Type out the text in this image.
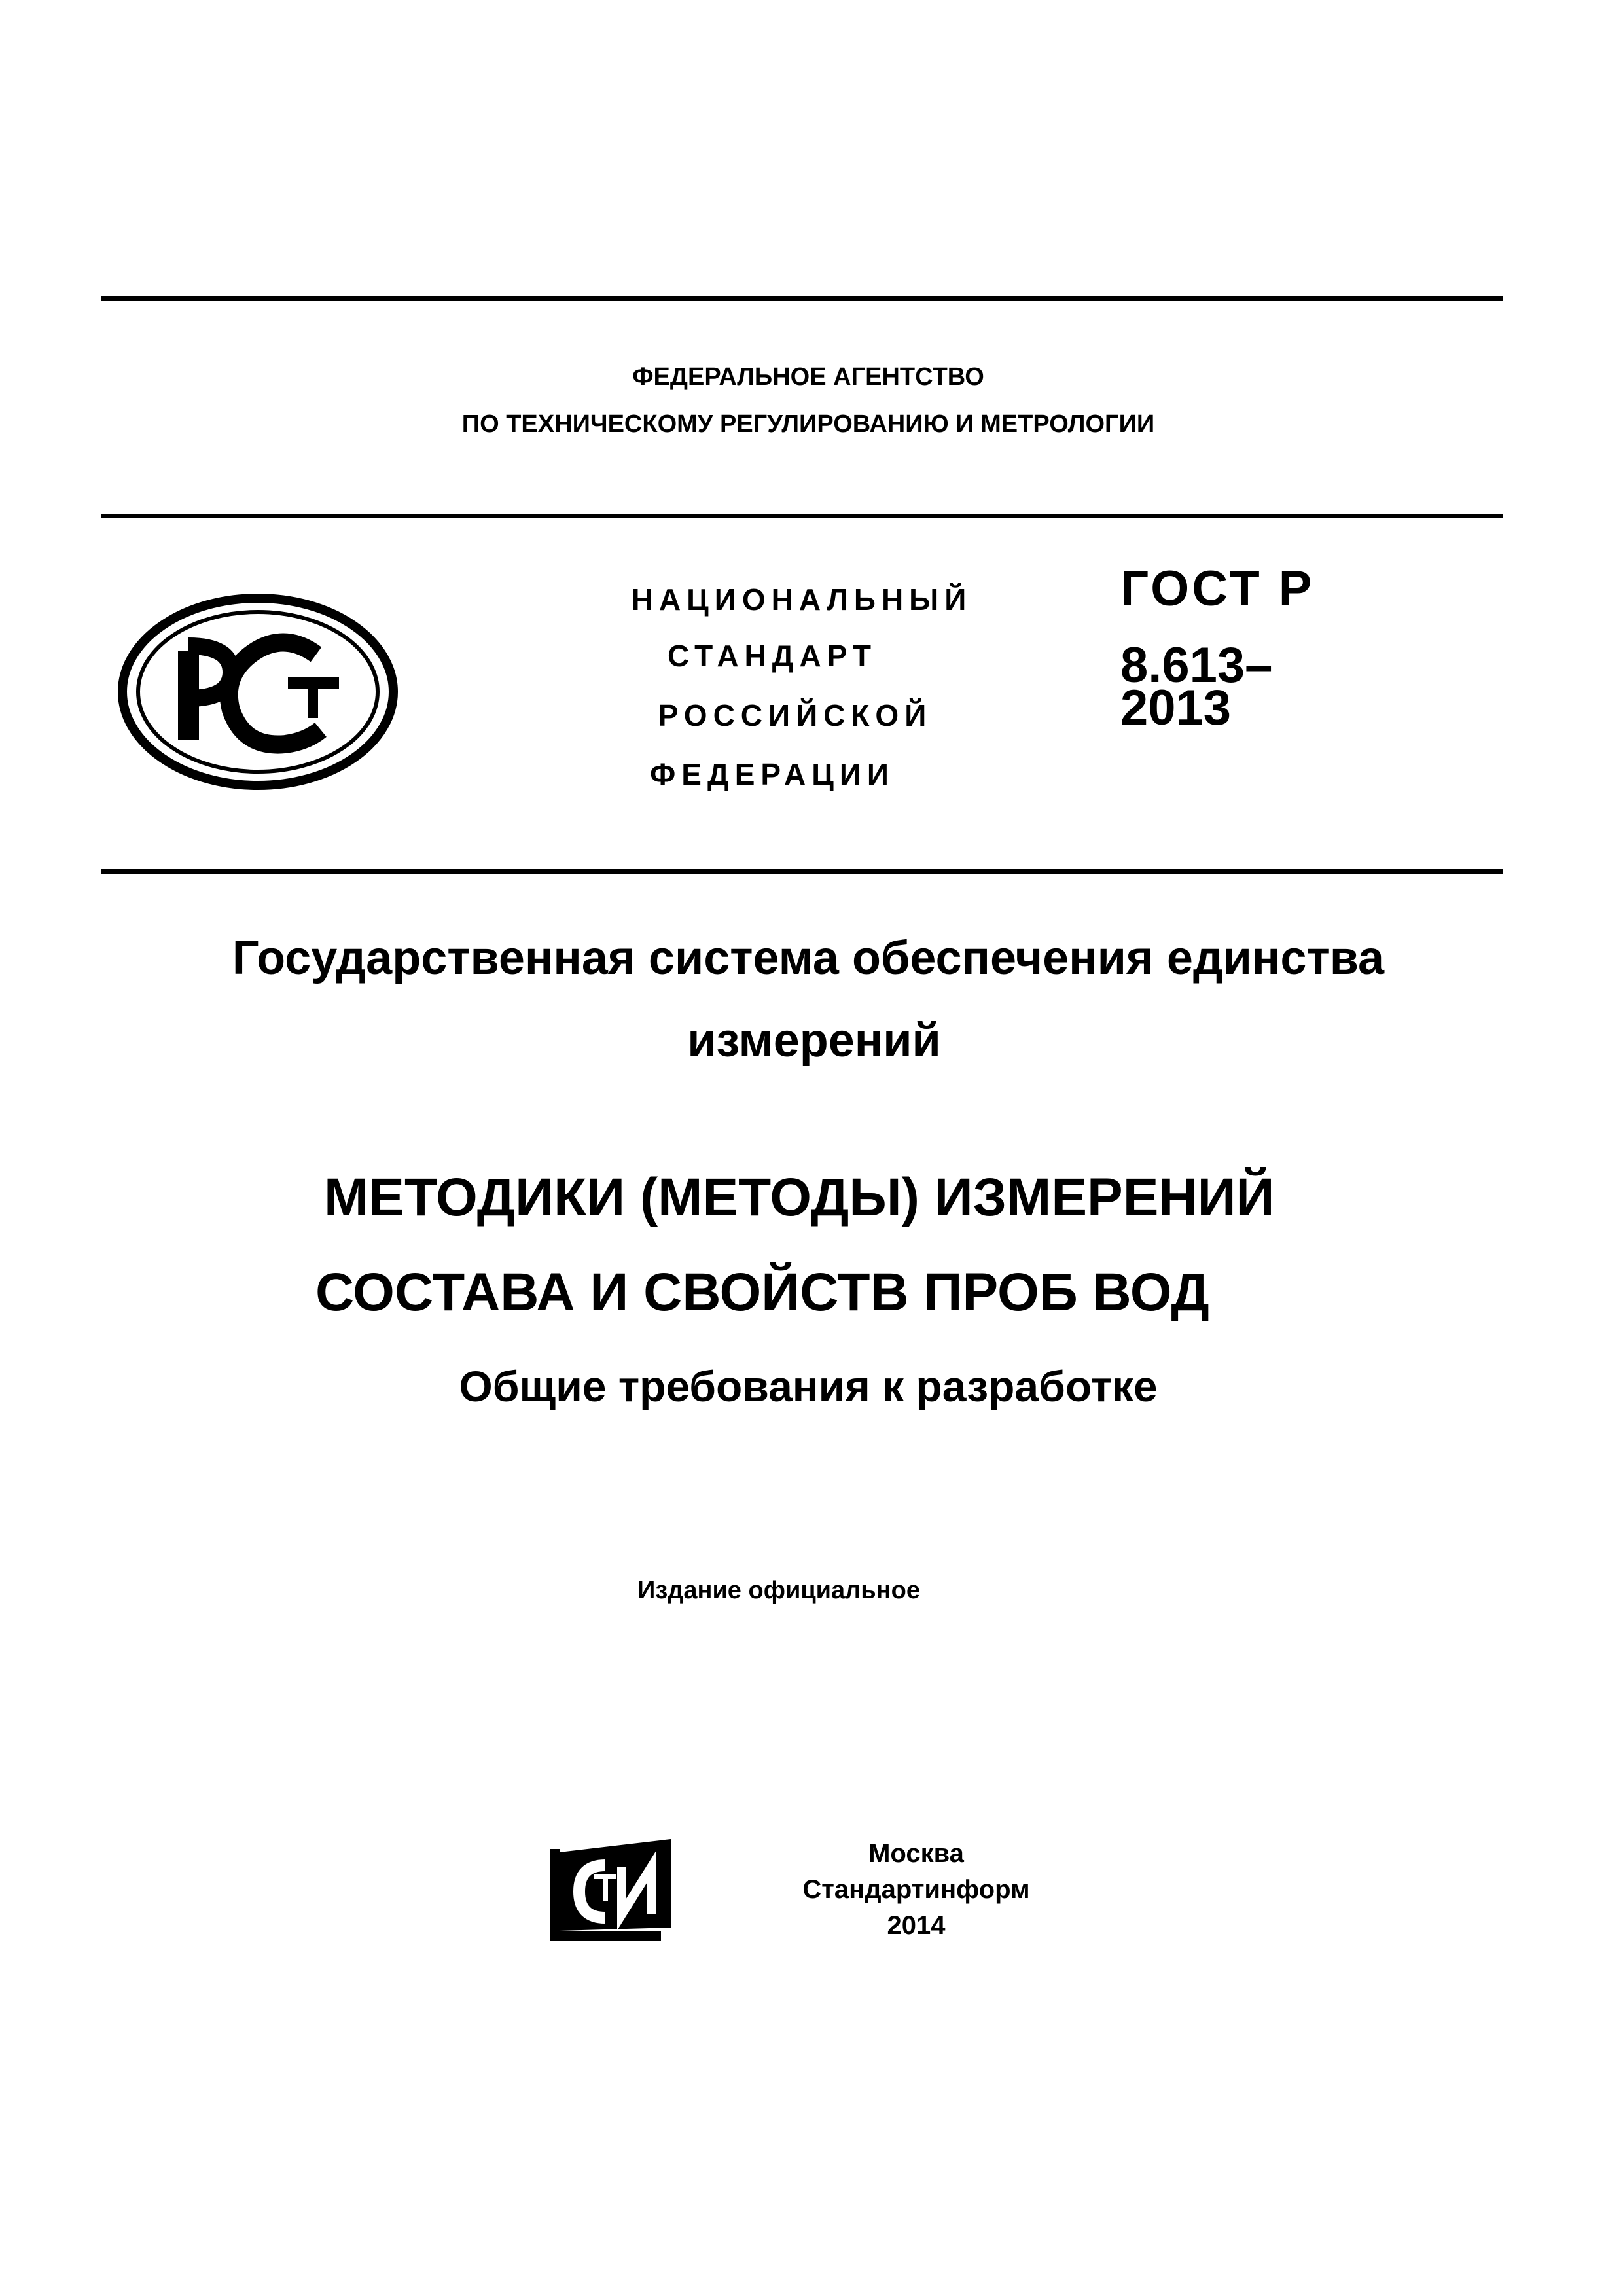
ФЕДЕРАЛЬНОЕ АГЕНТСТВО
ПО ТЕХНИЧЕСКОМУ РЕГУЛИРОВАНИЮ И МЕТРОЛОГИИ
НАЦИОНАЛЬНЫЙ
СТАНДАРТ
РОССИЙСКОЙ
ФЕДЕРАЦИИ
ГОСТ Р
8.613–
2013
Государственная система обеспечения единства
измерений
МЕТОДИКИ (МЕТОДЫ) ИЗМЕРЕНИЙ
СОСТАВА И СВОЙСТВ ПРОБ ВОД
Общие требования к разработке
Издание официальное
Москва
Стандартинформ
2014
